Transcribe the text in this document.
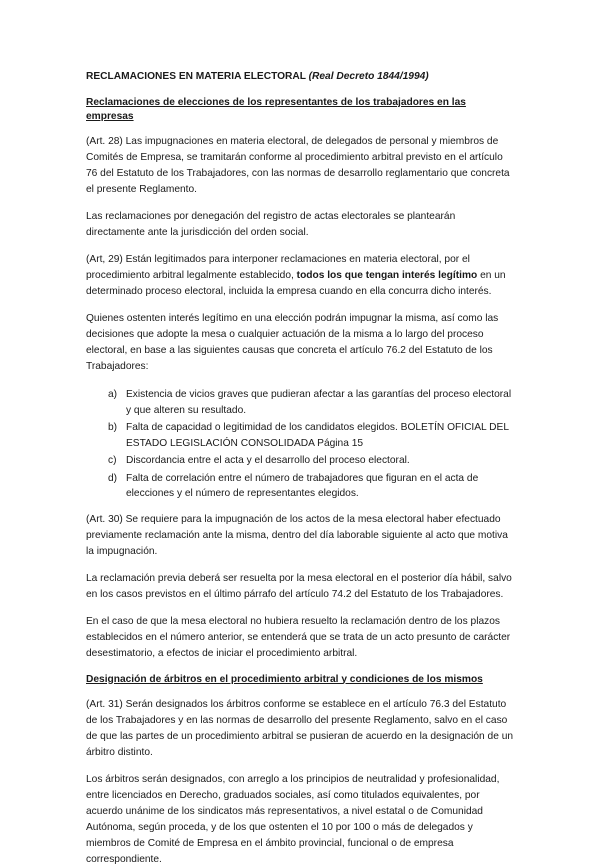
RECLAMACIONES EN MATERIA ELECTORAL (Real Decreto 1844/1994)
Reclamaciones de elecciones de los representantes de los trabajadores en las empresas

(Art. 28) Las impugnaciones en materia electoral, de delegados de personal y miembros de Comités de Empresa, se tramitarán conforme al procedimiento arbitral previsto en el artículo 76 del Estatuto de los Trabajadores, con las normas de desarrollo reglamentario que concreta el presente Reglamento.

Las reclamaciones por denegación del registro de actas electorales se plantearán directamente ante la jurisdicción del orden social.

(Art, 29) Están legitimados para interponer reclamaciones en materia electoral, por el procedimiento arbitral legalmente establecido, todos los que tengan interés legítimo en un determinado proceso electoral, incluida la empresa cuando en ella concurra dicho interés.

Quienes ostenten interés legítimo en una elección podrán impugnar la misma, así como las decisiones que adopte la mesa o cualquier actuación de la misma a lo largo del proceso electoral, en base a las siguientes causas que concreta el artículo 76.2 del Estatuto de los Trabajadores:

a) Existencia de vicios graves que pudieran afectar a las garantías del proceso electoral y que alteren su resultado.
b) Falta de capacidad o legitimidad de los candidatos elegidos. BOLETÍN OFICIAL DEL ESTADO LEGISLACIÓN CONSOLIDADA Página 15
c) Discordancia entre el acta y el desarrollo del proceso electoral.
d) Falta de correlación entre el número de trabajadores que figuran en el acta de elecciones y el número de representantes elegidos.

(Art. 30) Se requiere para la impugnación de los actos de la mesa electoral haber efectuado previamente reclamación ante la misma, dentro del día laborable siguiente al acto que motiva la impugnación.

La reclamación previa deberá ser resuelta por la mesa electoral en el posterior día hábil, salvo en los casos previstos en el último párrafo del artículo 74.2 del Estatuto de los Trabajadores.

En el caso de que la mesa electoral no hubiera resuelto la reclamación dentro de los plazos establecidos en el número anterior, se entenderá que se trata de un acto presunto de carácter desestimatorio, a efectos de iniciar el procedimiento arbitral.

Designación de árbitros en el procedimiento arbitral y condiciones de los mismos

(Art. 31) Serán designados los árbitros conforme se establece en el artículo 76.3 del Estatuto de los Trabajadores y en las normas de desarrollo del presente Reglamento, salvo en el caso de que las partes de un procedimiento arbitral se pusieran de acuerdo en la designación de un árbitro distinto.

Los árbitros serán designados, con arreglo a los principios de neutralidad y profesionalidad, entre licenciados en Derecho, graduados sociales, así como titulados equivalentes, por acuerdo unánime de los sindicatos más representativos, a nivel estatal o de Comunidad Autónoma, según proceda, y de los que ostenten el 10 por 100 o más de delegados y miembros de Comité de Empresa en el ámbito provincial, funcional o de empresa correspondiente.
